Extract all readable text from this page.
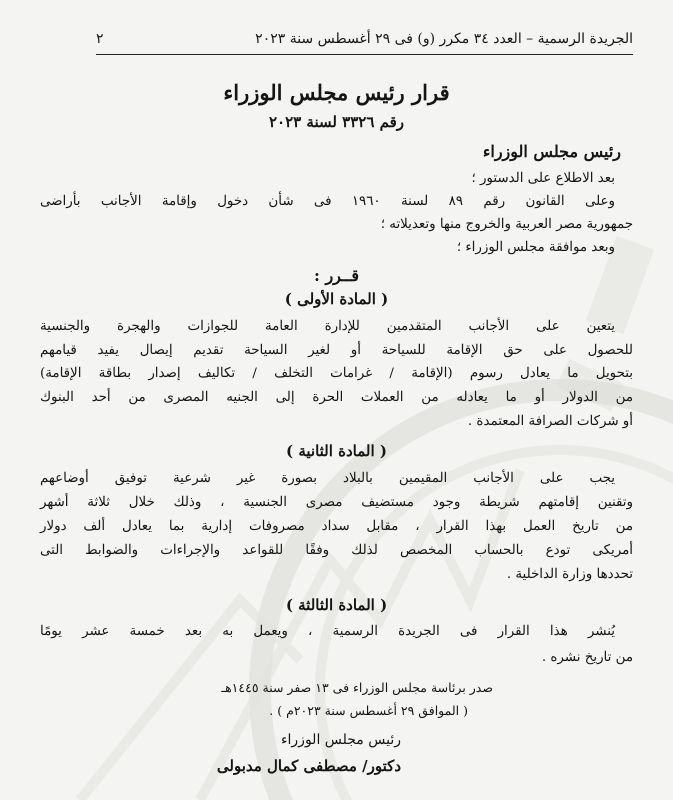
الجريدة الرسمية – العدد ٣٤ مكرر (و) فى ٢٩ أغسطس سنة ٢٠٢٣
٢
قرار رئيس مجلس الوزراء
رقم ٣٣٢٦ لسنة ٢٠٢٣
رئيس مجلس الوزراء
بعد الاطلاع على الدستور ؛
وعلى القانون رقم ٨٩ لسنة ١٩٦٠ فى شأن دخول وإقامة الأجانب بأراضى
جمهورية مصر العربية والخروج منها وتعديلاته ؛
وبعد موافقة مجلس الوزراء ؛
قــرر :
( المادة الأولى )
يتعين على الأجانب المتقدمين للإدارة العامة للجوازات والهجرة والجنسية
للحصول على حق الإقامة للسياحة أو لغير السياحة تقديم إيصال يفيد قيامهم
بتحويل ما يعادل رسوم (الإقامة / غرامات التخلف / تكاليف إصدار بطاقة الإقامة)
من الدولار أو ما يعادله من العملات الحرة إلى الجنيه المصرى من أحد البنوك
أو شركات الصرافة المعتمدة .
( المادة الثانية )
يجب على الأجانب المقيمين بالبلاد بصورة غير شرعية توفيق أوضاعهم
وتقنين إقامتهم شريطة وجود مستضيف مصرى الجنسية ، وذلك خلال ثلاثة أشهر
من تاريخ العمل بهذا القرار ، مقابل سداد مصروفات إدارية بما يعادل ألف دولار
أمريكى تودع بالحساب المخصص لذلك وفقًا للقواعد والإجراءات والضوابط التى
تحددها وزارة الداخلية .
( المادة الثالثة )
يُنشر هذا القرار فى الجريدة الرسمية ، ويعمل به بعد خمسة عشر يومًا
من تاريخ نشره .
صدر برئاسة مجلس الوزراء فى ١٣ صفر سنة ١٤٤٥هـ
( الموافق ٢٩ أغسطس سنة ٢٠٢٣م ) .
رئيس مجلس الوزراء
دكتور/ مصطفى كمال مدبولى
